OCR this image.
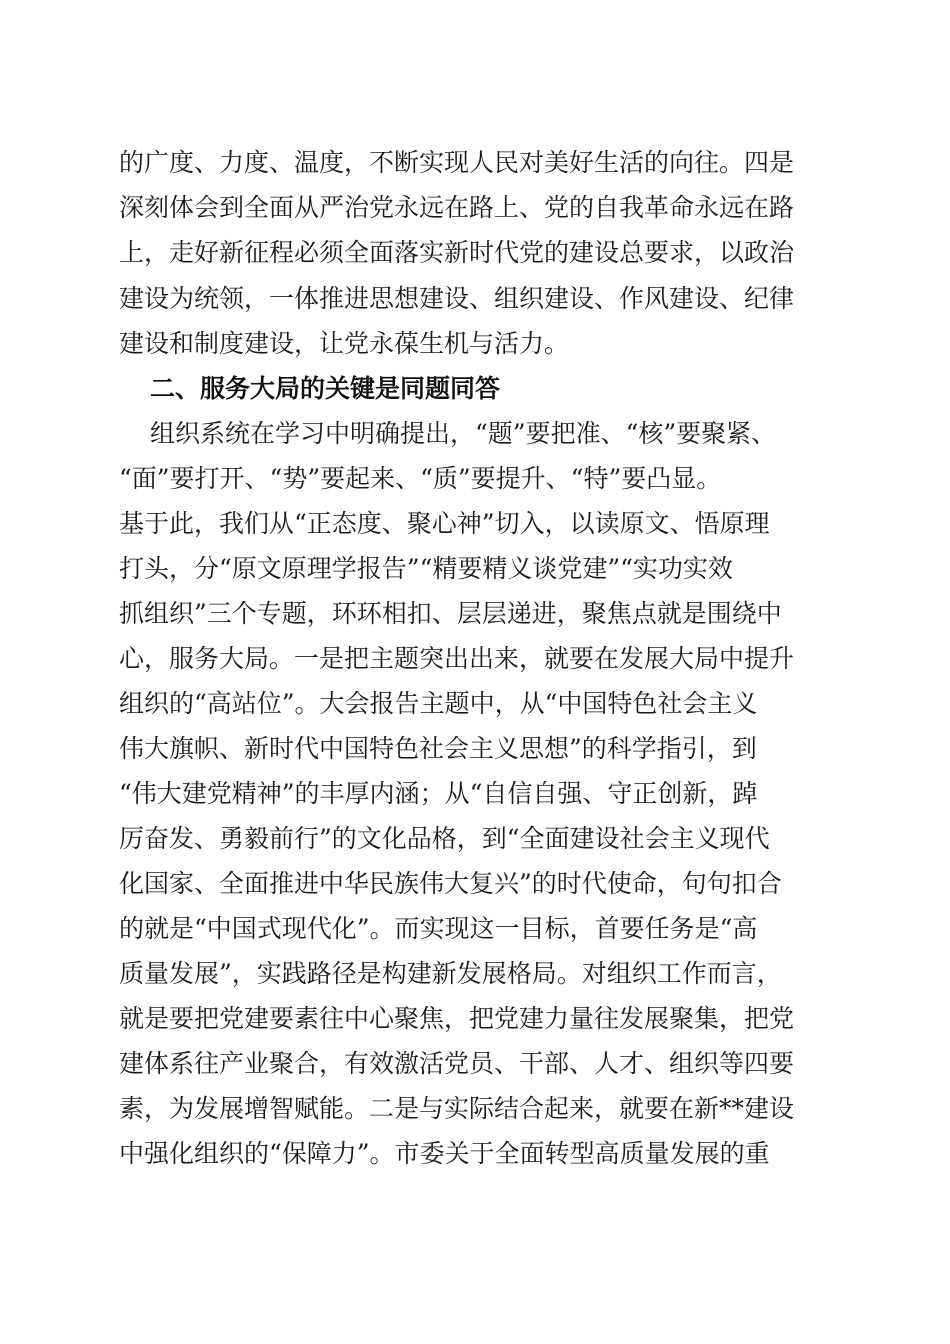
的广度、力度、温度，不断实现人民对美好生活的向往。四是
深刻体会到全面从严治党永远在路上、党的自我革命永远在路
上，走好新征程必须全面落实新时代党的建设总要求，以政治
建设为统领，一体推进思想建设、组织建设、作风建设、纪律
建设和制度建设，让党永葆生机与活力。
二、服务大局的关键是同题同答
组织系统在学习中明确提出，“题”要把准、“核”要聚紧、
“面”要打开、“势”要起来、“质”要提升、“特”要凸显。
基于此，我们从“正态度、聚心神”切入，以读原文、悟原理
打头，分“原文原理学报告”“精要精义谈党建”“实功实效
抓组织”三个专题，环环相扣、层层递进，聚焦点就是围绕中
心，服务大局。一是把主题突出出来，就要在发展大局中提升
组织的“高站位”。大会报告主题中，从“中国特色社会主义
伟大旗帜、新时代中国特色社会主义思想”的科学指引，到
“伟大建党精神”的丰厚内涵；从“自信自强、守正创新，踔
厉奋发、勇毅前行”的文化品格，到“全面建设社会主义现代
化国家、全面推进中华民族伟大复兴”的时代使命，句句扣合
的就是“中国式现代化”。而实现这一目标，首要任务是“高
质量发展”，实践路径是构建新发展格局。对组织工作而言，
就是要把党建要素往中心聚焦，把党建力量往发展聚集，把党
建体系往产业聚合，有效激活党员、干部、人才、组织等四要
素，为发展增智赋能。二是与实际结合起来，就要在新**建设
中强化组织的“保障力”。市委关于全面转型高质量发展的重
